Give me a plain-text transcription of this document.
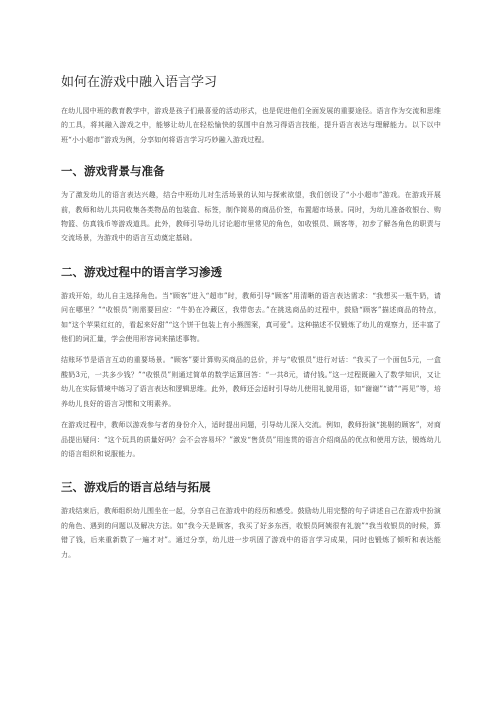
如何在游戏中融入语言学习

在幼儿园中班的教育教学中，游戏是孩子们最喜爱的活动形式，也是促进他们全面发展的重要途径。语言作为交流和思维的工具，将其融入游戏之中，能够让幼儿在轻松愉快的氛围中自然习得语言技能，提升语言表达与理解能力。以下以中班“小小超市”游戏为例，分享如何将语言学习巧妙融入游戏过程。

一、游戏背景与准备

为了激发幼儿的语言表达兴趣，结合中班幼儿对生活场景的认知与探索欲望，我们创设了“小小超市”游戏。在游戏开展前，教师和幼儿共同收集各类物品的包装盒、标签，制作简易的商品价签，布置超市场景。同时，为幼儿准备收银台、购物篮、仿真钱币等游戏道具。此外，教师引导幼儿讨论超市里常见的角色，如收银员、顾客等，初步了解各角色的职责与交流场景，为游戏中的语言互动奠定基础。

二、游戏过程中的语言学习渗透

游戏开始，幼儿自主选择角色。当“顾客”进入“超市”时，教师引导“顾客”用清晰的语言表达需求：“我想买一瓶牛奶，请问在哪里？”“收银员”则需要回应：“牛奶在冷藏区，我带您去。”在挑选商品的过程中，鼓励“顾客”描述商品的特点，如“这个苹果红红的，看起来好甜”“这个饼干包装上有小熊图案，真可爱”。这种描述不仅锻炼了幼儿的观察力，还丰富了他们的词汇量，学会使用形容词来描述事物。

结账环节是语言互动的重要场景。“顾客”要计算购买商品的总价，并与“收银员”进行对话：“我买了一个面包5元，一盒酸奶3元，一共多少钱？”“收银员”则通过简单的数学运算回答：“一共8元，请付钱。”这一过程既融入了数学知识，又让幼儿在实际情境中练习了语言表达和逻辑思维。此外，教师还会适时引导幼儿使用礼貌用语，如“谢谢”“请”“再见”等，培养幼儿良好的语言习惯和文明素养。

在游戏过程中，教师以游戏参与者的身份介入，适时提出问题，引导幼儿深入交流。例如，教师扮演“挑剔的顾客”，对商品提出疑问：“这个玩具的质量好吗？会不会容易坏？”激发“售货员”用连贯的语言介绍商品的优点和使用方法，锻炼幼儿的语言组织和说服能力。

三、游戏后的语言总结与拓展

游戏结束后，教师组织幼儿围坐在一起，分享自己在游戏中的经历和感受。鼓励幼儿用完整的句子讲述自己在游戏中扮演的角色、遇到的问题以及解决方法。如“我今天是顾客，我买了好多东西，收银员阿姨很有礼貌”“我当收银员的时候，算错了钱，后来重新数了一遍才对”。通过分享，幼儿进一步巩固了游戏中的语言学习成果，同时也锻炼了倾听和表达能力。
